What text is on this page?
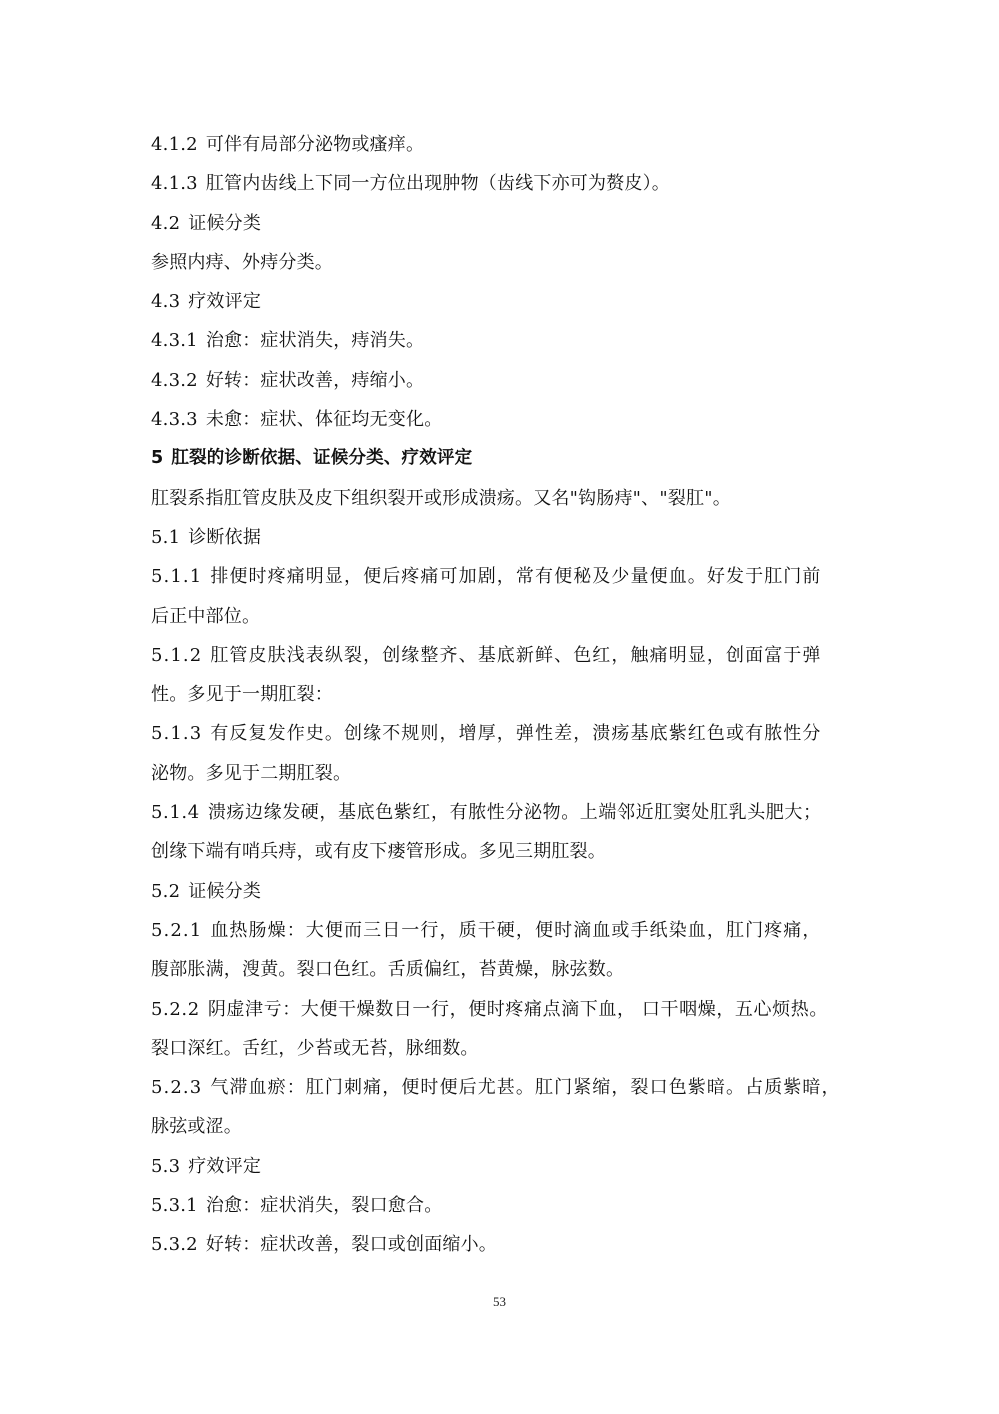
4.1.2 可伴有局部分泌物或瘙痒。
4.1.3 肛管内齿线上下同一方位出现肿物（齿线下亦可为赘皮）。
4.2 证候分类
参照内痔、外痔分类。
4.3 疗效评定
4.3.1 治愈：症状消失，痔消失。
4.3.2 好转：症状改善，痔缩小。
4.3.3 未愈：症状、体征均无变化。
5 肛裂的诊断依据、证候分类、疗效评定
肛裂系指肛管皮肤及皮下组织裂开或形成溃疡。又名"钩肠痔"、"裂肛"。
5.1 诊断依据
5.1.1 排便时疼痛明显，便后疼痛可加剧，常有便秘及少量便血。好发于肛门前
后正中部位。
5.1.2 肛管皮肤浅表纵裂，创缘整齐、基底新鲜、色红，触痛明显，创面富于弹
性。多见于一期肛裂：
5.1.3 有反复发作史。创缘不规则，增厚，弹性差，溃疡基底紫红色或有脓性分
泌物。多见于二期肛裂。
5.1.4 溃疡边缘发硬，基底色紫红，有脓性分泌物。上端邻近肛窦处肛乳头肥大；
创缘下端有哨兵痔，或有皮下瘘管形成。多见三期肛裂。
5.2 证候分类
5.2.1 血热肠燥：大便而三日一行，质干硬，便时滴血或手纸染血，肛门疼痛，
腹部胀满，溲黄。裂口色红。舌质偏红，苔黄燥，脉弦数。
5.2.2 阴虚津亏：大便干燥数日一行，便时疼痛点滴下血， 口干咽燥，五心烦热。
裂口深红。舌红，少苔或无苔，脉细数。
5.2.3 气滞血瘀：肛门刺痛，便时便后尤甚。肛门紧缩，裂口色紫暗。占质紫暗，
脉弦或涩。
5.3 疗效评定
5.3.1 治愈：症状消失，裂口愈合。
5.3.2 好转：症状改善，裂口或创面缩小。
53
